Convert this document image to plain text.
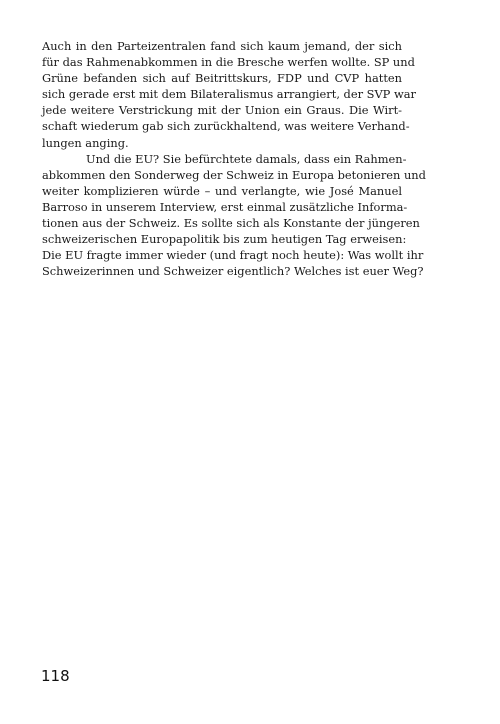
Auch in den Parteizentralen fand sich kaum jemand, der sich
für das Rahmenabkommen in die Bresche werfen wollte. SP und
Grüne befanden sich auf Beitrittskurs, FDP und CVP hatten
sich gerade erst mit dem Bilateralismus arrangiert, der SVP war
jede weitere Verstrickung mit der Union ein Graus. Die Wirt-
schaft wiederum gab sich zurückhaltend, was weitere Verhand-
lungen anging.
Und die EU? Sie befürchtete damals, dass ein Rahmen-
abkommen den Sonderweg der Schweiz in Europa betonieren und
weiter komplizieren würde – und verlangte, wie José Manuel
Barroso in unserem Interview, erst einmal zusätzliche Informa-
tionen aus der Schweiz. Es sollte sich als Konstante der jüngeren
schweizerischen Europapolitik bis zum heutigen Tag erweisen:
Die EU fragte immer wieder (und fragt noch heute): Was wollt ihr
Schweizerinnen und Schweizer eigentlich? Welches ist euer Weg?
118
